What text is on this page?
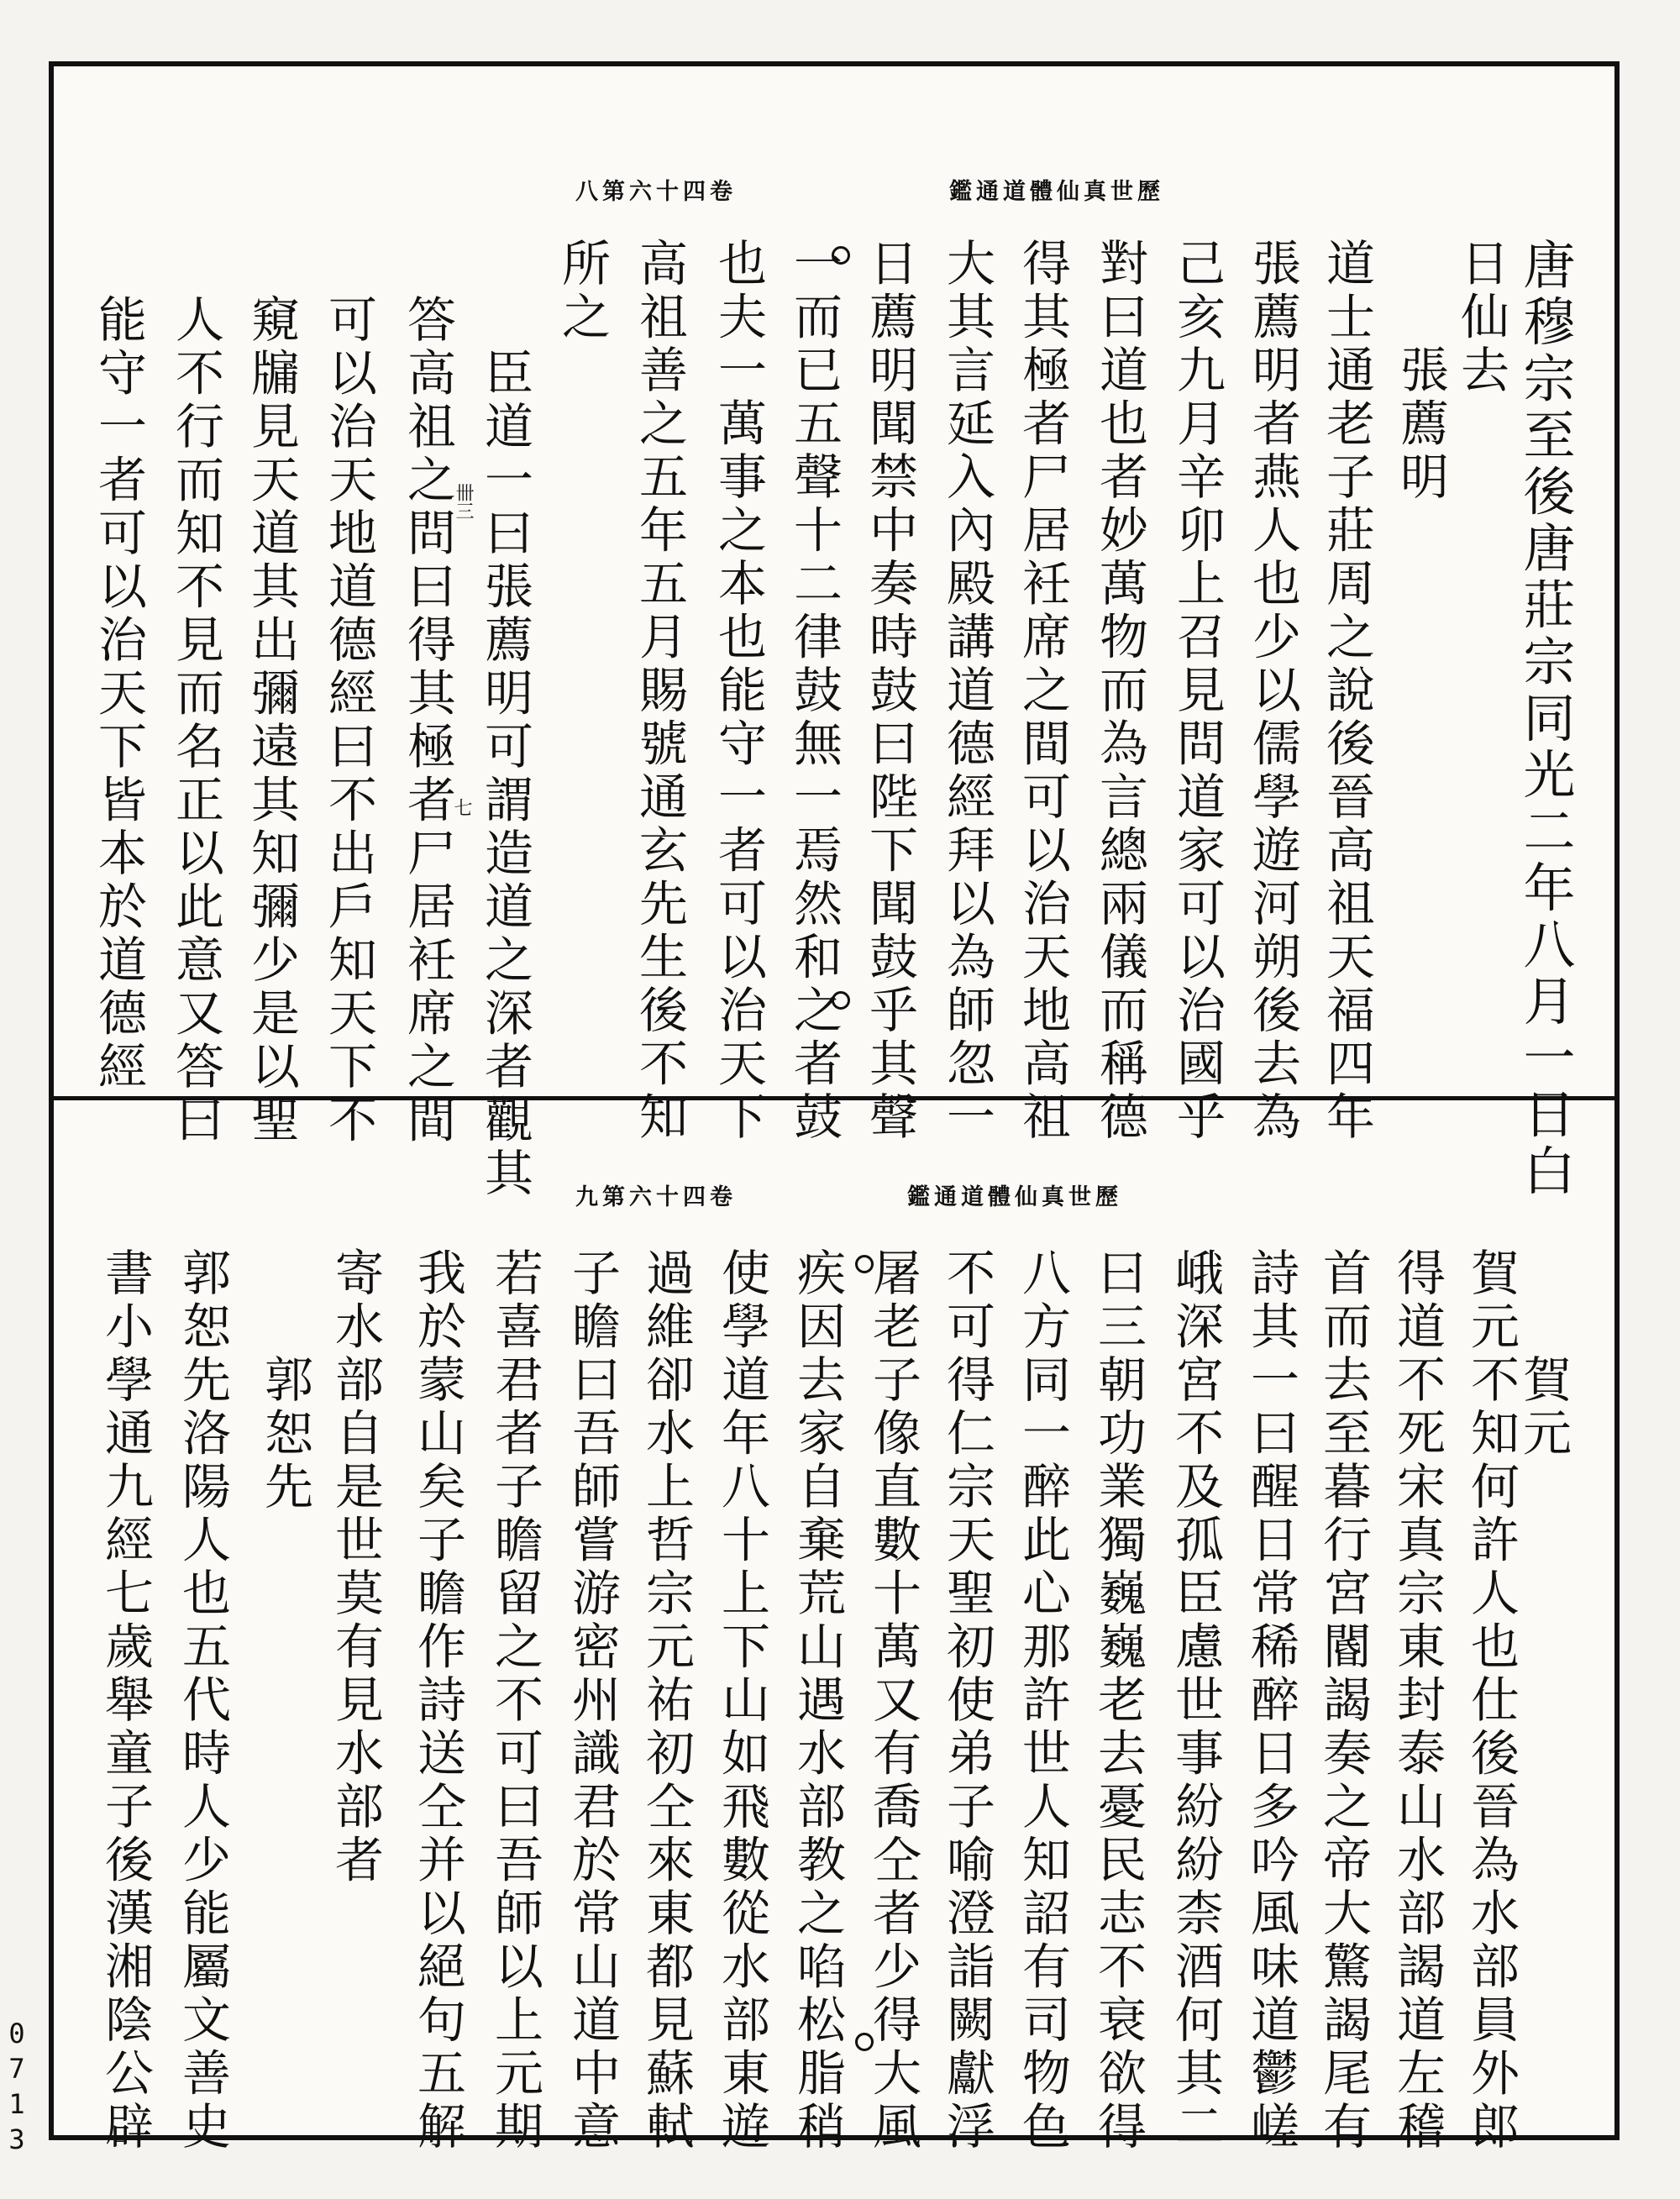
歷世真仙體道通鑑
卷四十六第八
唐穆宗至後唐莊宗同光二年八月一日白
日仙去
　　張薦明
道士通老子莊周之說後晉高祖天福四年
張薦明者燕人也少以儒學遊河朔後去為
己亥九月辛卯上召見問道家可以治國乎
對曰道也者妙萬物而為言總兩儀而稱德
得其極者尸居衽席之間可以治天地高祖
大其言延入內殿講道德經拜以為師忽一
日薦明聞禁中奏時鼓曰陛下聞鼓乎其聲
一而已五聲十二律鼓無一焉然和之者鼓
也夫一萬事之本也能守一者可以治天下
高祖善之五年五月賜號通玄先生後不知
所之
　臣道一曰張薦明可謂造道之深者觀其
答高祖之問曰得其極者尸居衽席之間
可以治天地道德經曰不出戶知天下不
窺牖見天道其出彌遠其知彌少是以聖
人不行而知不見而名正以此意又答曰
能守一者可以治天下皆本於道德經	卌三
七
歷世真仙體道通鑑
卷四十六第九
　　賀元
賀元不知何許人也仕後晉為水部員外郎
得道不死宋真宗東封泰山水部謁道左稽
首而去至暮行宮閽謁奏之帝大驚謁尾有
詩其一曰醒日常稀醉日多吟風味道鬱嵯
峨深宮不及孤臣慮世事紛紛柰酒何其二
曰三朝功業獨巍巍老去憂民志不衰欲得
八方同一醉此心那許世人知詔有司物色
不可得仁宗天聖初使弟子喻澄詣闕獻浮
屠老子像直數十萬又有喬仝者少得大風
疾因去家自棄荒山遇水部教之啗松脂稍
使學道年八十上下山如飛數從水部東遊
過維卻水上哲宗元祐初仝來東都見蘇軾
子瞻曰吾師嘗游密州識君於常山道中意
若喜君者子瞻留之不可曰吾師以上元期
我於蒙山矣子瞻作詩送仝并以絕句五解
寄水部自是世莫有見水部者
　　郭恕先
郭恕先洛陽人也五代時人少能屬文善史
書小學通九經七歲舉童子後漢湘陰公辟
0713
